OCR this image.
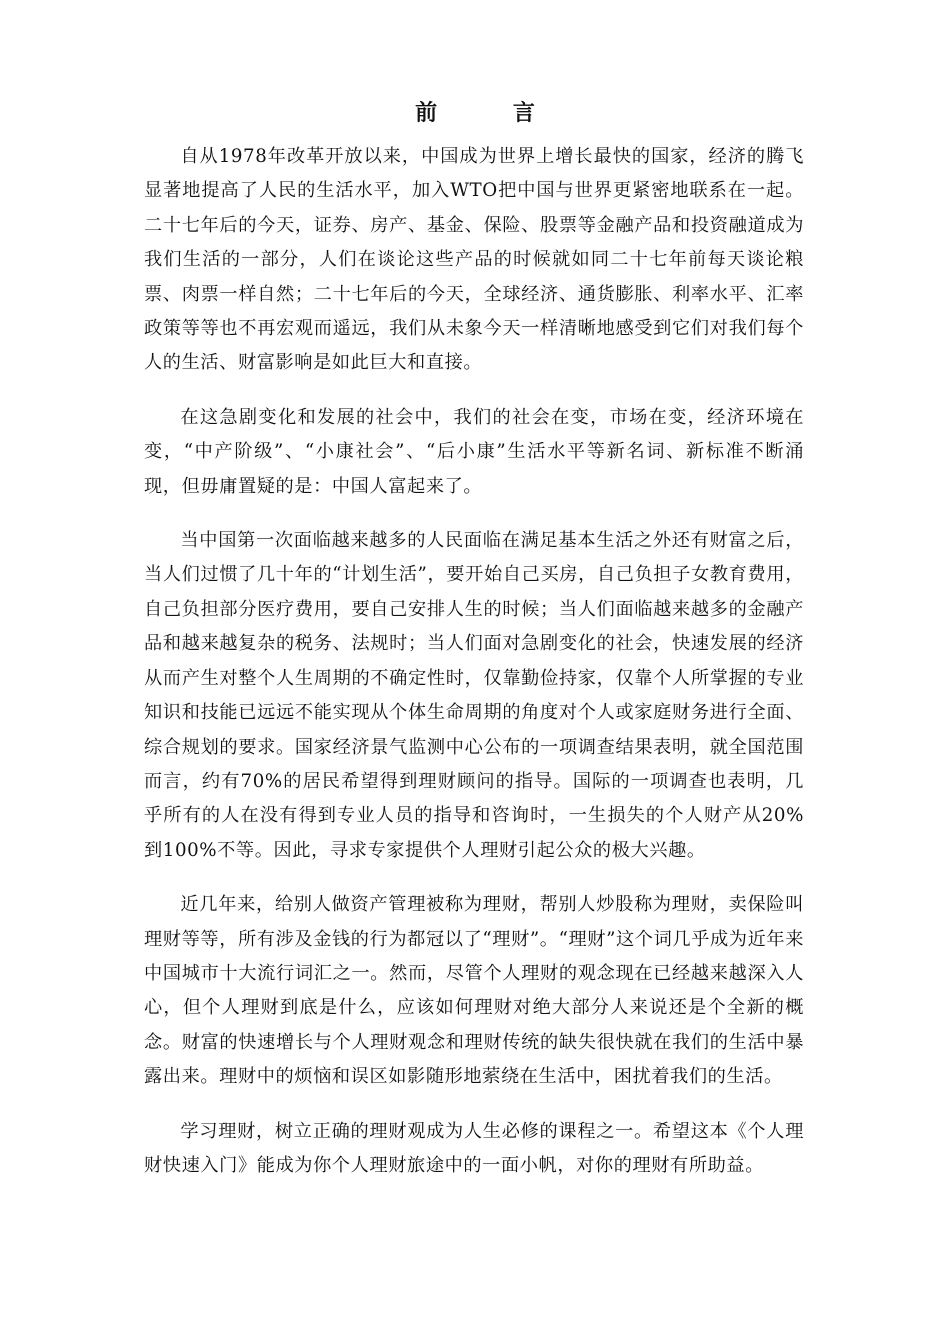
前 言

自从1978年改革开放以来，中国成为世界上增长最快的国家，经济的腾飞显著地提高了人民的生活水平，加入WTO把中国与世界更紧密地联系在一起。二十七年后的今天，证券、房产、基金、保险、股票等金融产品和投资融道成为我们生活的一部分，人们在谈论这些产品的时候就如同二十七年前每天谈论粮票、肉票一样自然；二十七年后的今天，全球经济、通货膨胀、利率水平、汇率政策等等也不再宏观而遥远，我们从未象今天一样清晰地感受到它们对我们每个人的生活、财富影响是如此巨大和直接。

在这急剧变化和发展的社会中，我们的社会在变，市场在变，经济环境在变，“中产阶级”、“小康社会”、“后小康”生活水平等新名词、新标准不断涌现，但毋庸置疑的是：中国人富起来了。

当中国第一次面临越来越多的人民面临在满足基本生活之外还有财富之后，当人们过惯了几十年的“计划生活”，要开始自己买房，自己负担子女教育费用，自己负担部分医疗费用，要自己安排人生的时候；当人们面临越来越多的金融产品和越来越复杂的税务、法规时；当人们面对急剧变化的社会，快速发展的经济从而产生对整个人生周期的不确定性时，仅靠勤俭持家，仅靠个人所掌握的专业知识和技能已远远不能实现从个体生命周期的角度对个人或家庭财务进行全面、综合规划的要求。国家经济景气监测中心公布的一项调查结果表明，就全国范围而言，约有70%的居民希望得到理财顾问的指导。国际的一项调查也表明，几乎所有的人在没有得到专业人员的指导和咨询时，一生损失的个人财产从20%到100%不等。因此，寻求专家提供个人理财引起公众的极大兴趣。

近几年来，给别人做资产管理被称为理财，帮别人炒股称为理财，卖保险叫理财等等，所有涉及金钱的行为都冠以了“理财”。“理财”这个词几乎成为近年来中国城市十大流行词汇之一。然而，尽管个人理财的观念现在已经越来越深入人心，但个人理财到底是什么，应该如何理财对绝大部分人来说还是个全新的概念。财富的快速增长与个人理财观念和理财传统的缺失很快就在我们的生活中暴露出来。理财中的烦恼和误区如影随形地萦绕在生活中，困扰着我们的生活。

学习理财，树立正确的理财观成为人生必修的课程之一。希望这本《个人理财快速入门》能成为你个人理财旅途中的一面小帆，对你的理财有所助益。
